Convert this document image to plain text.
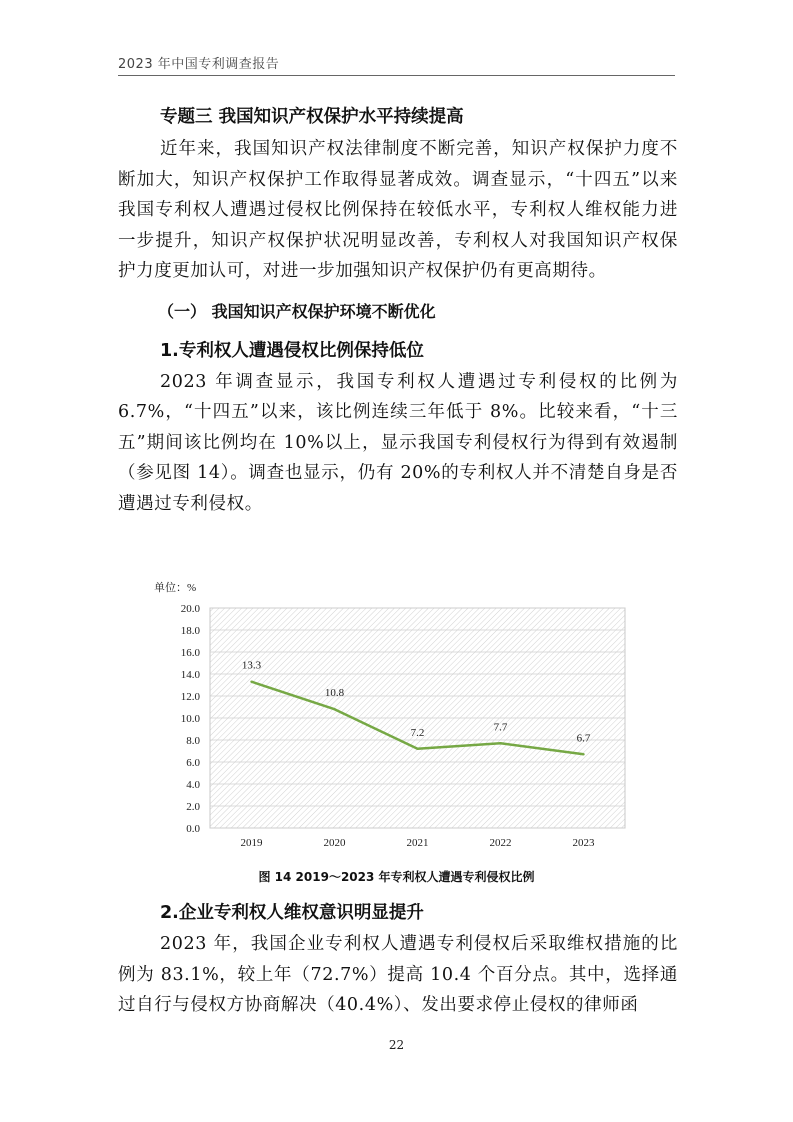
2023 年中国专利调查报告
专题三 我国知识产权保护水平持续提高

近年来，我国知识产权法律制度不断完善，知识产权保护力度不断加大，知识产权保护工作取得显著成效。调查显示，“十四五”以来我国专利权人遭遇过侵权比例保持在较低水平，专利权人维权能力进一步提升，知识产权保护状况明显改善，专利权人对我国知识产权保护力度更加认可，对进一步加强知识产权保护仍有更高期待。

（一） 我国知识产权保护环境不断优化
1.专利权人遭遇侵权比例保持低位

2023 年调查显示，我国专利权人遭遇过专利侵权的比例为 6.7%，“十四五”以来，该比例连续三年低于 8%。比较来看，“十三五”期间该比例均在 10%以上，显示我国专利侵权行为得到有效遏制（参见图 14）。调查也显示，仍有 20%的专利权人并不清楚自身是否遭遇过专利侵权。

单位：%
0.0
2.0
4.0
6.0
8.0
10.0
12.0
14.0
16.0
18.0
20.0
2019	2020	2021	2022	2023
13.3
10.8
7.2	7.7
6.7
图 14 2019～2023 年专利权人遭遇专利侵权比例
2.企业专利权人维权意识明显提升

2023 年，我国企业专利权人遭遇专利侵权后采取维权措施的比例为 83.1%，较上年（72.7%）提高 10.4 个百分点。其中，选择通过自行与侵权方协商解决（40.4%）、发出要求停止侵权的律师函

22
